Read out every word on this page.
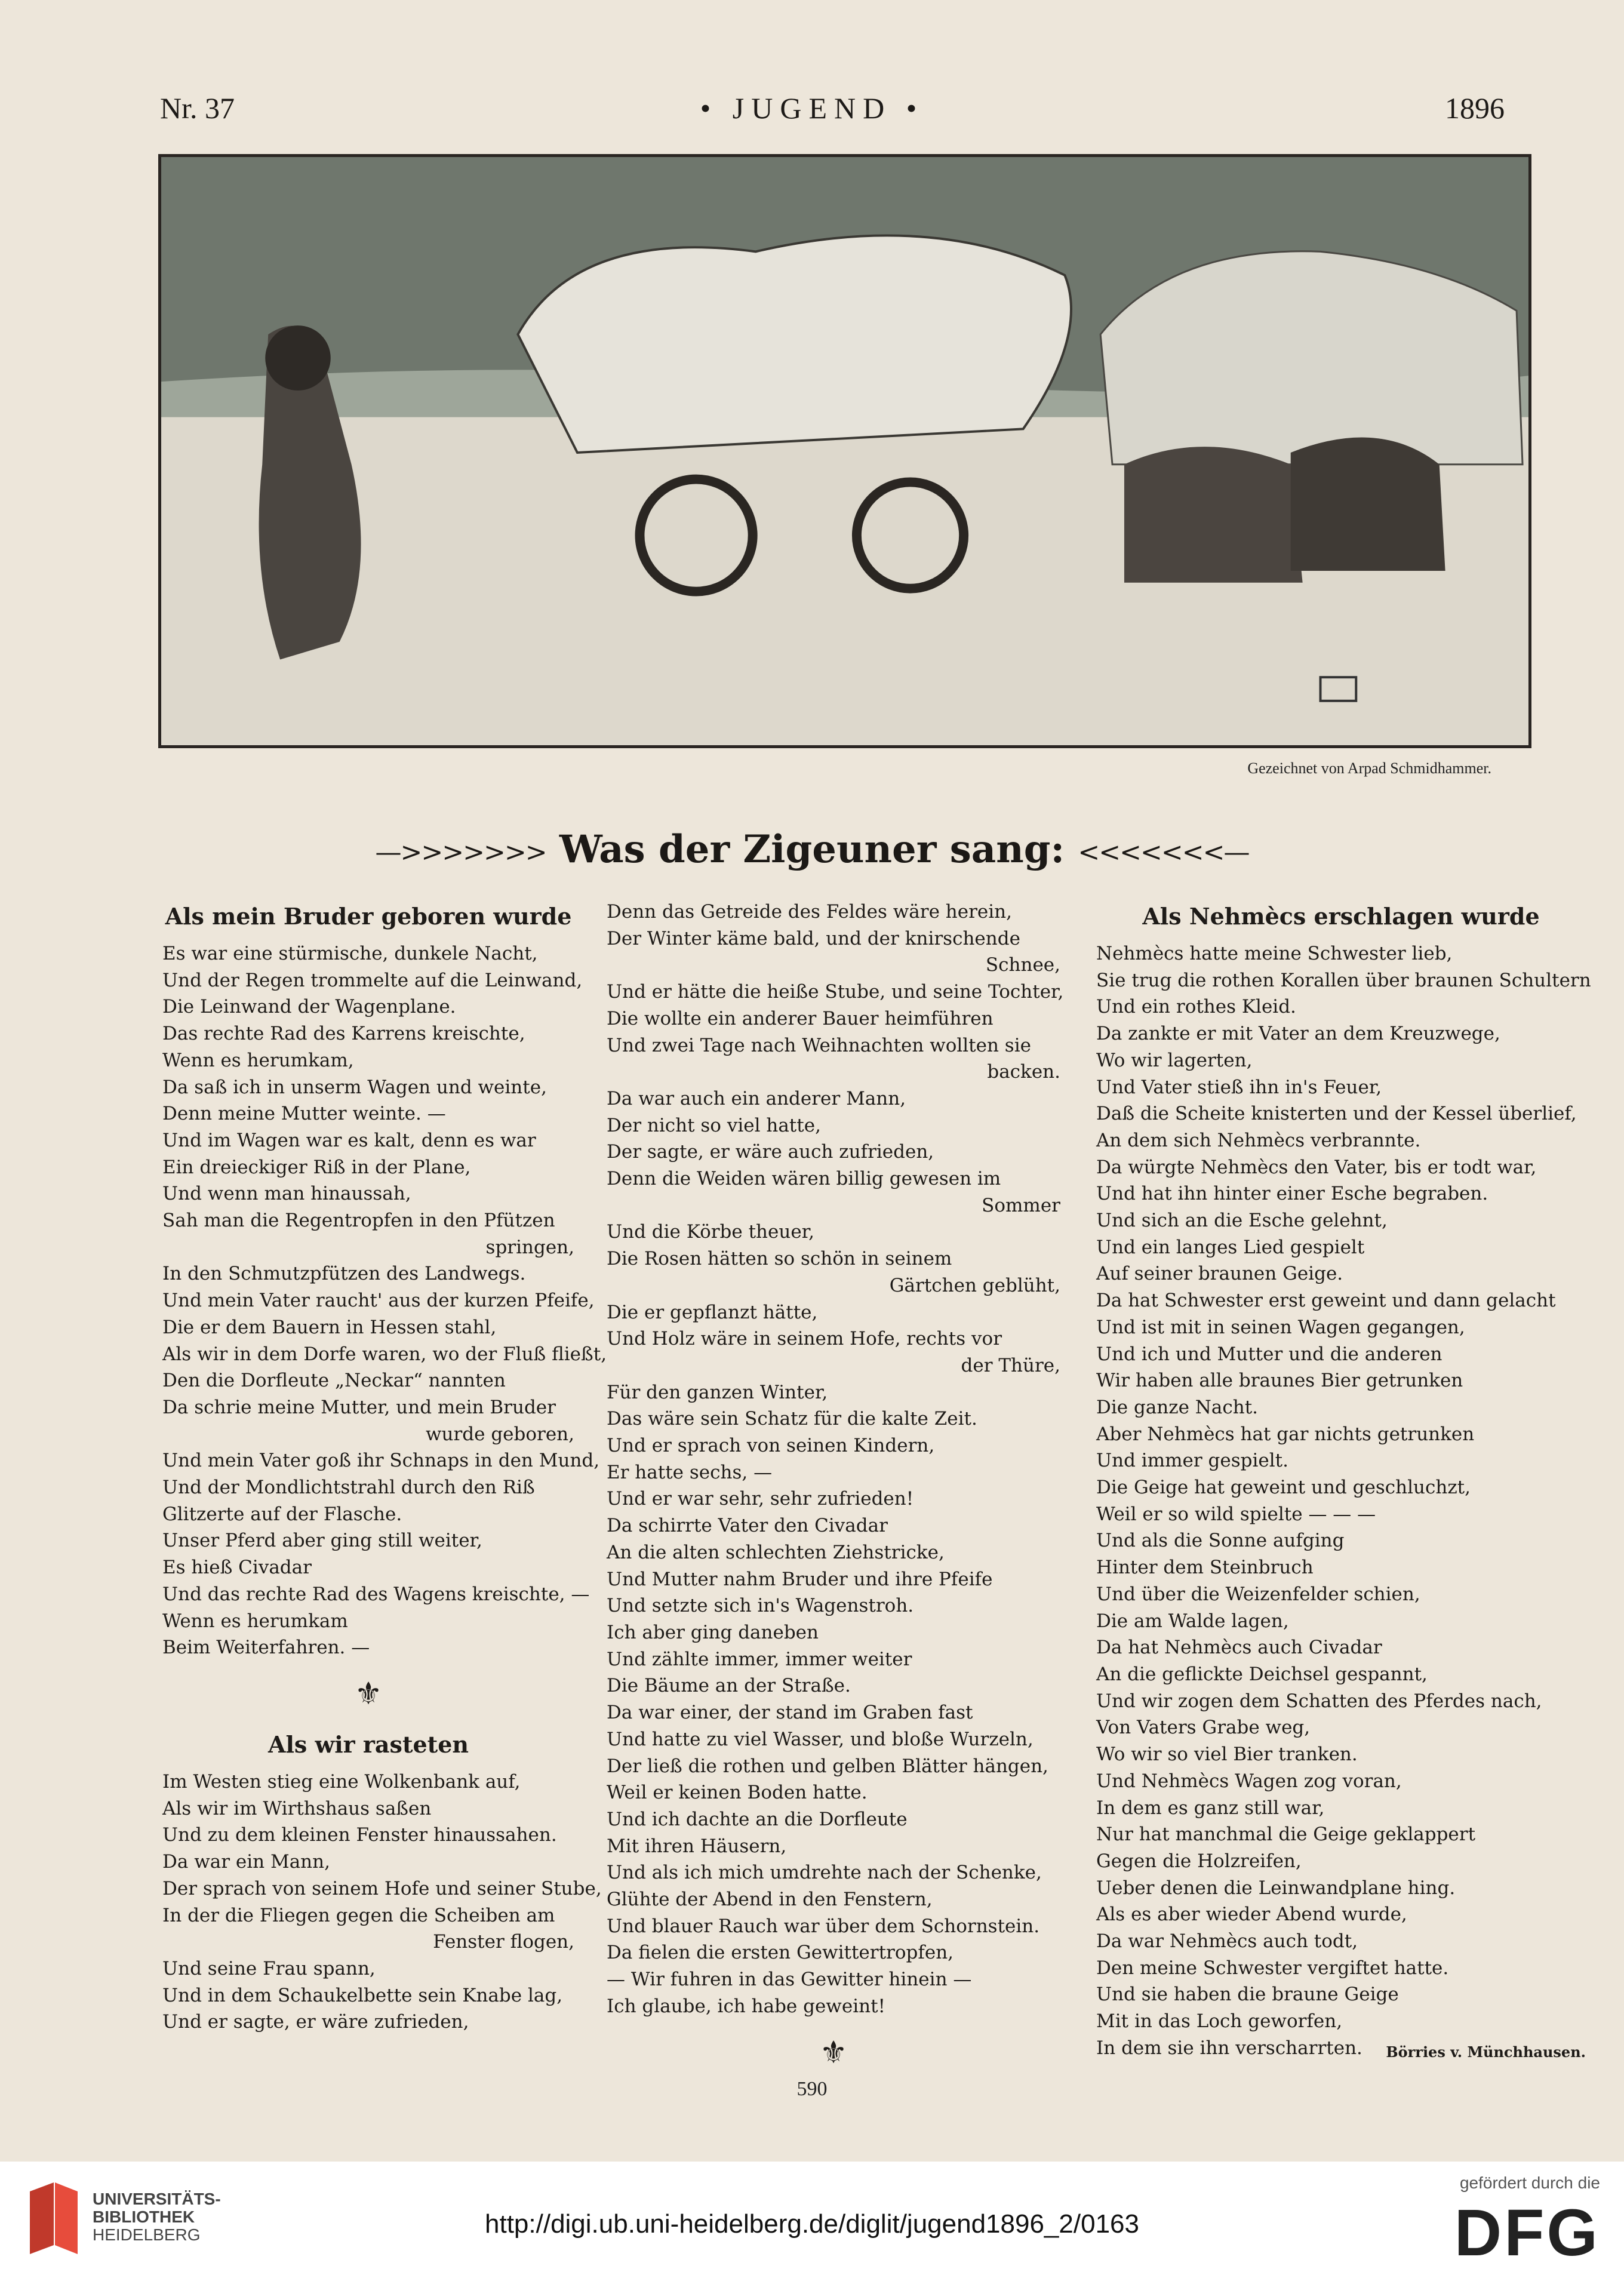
Nr. 37	• JUGEND •	1896
Gezeichnet von Arpad Schmidhammer.
—>>>>>>> Was der Zigeuner sang: <<<<<<<—
Als mein Bruder geboren wurde
Es war eine stürmische, dunkele Nacht,
Und der Regen trommelte auf die Leinwand,
Die Leinwand der Wagenplane.
Das rechte Rad des Karrens kreischte,
Wenn es herumkam,
Da saß ich in unserm Wagen und weinte,
Denn meine Mutter weinte. —
Und im Wagen war es kalt, denn es war
Ein dreieckiger Riß in der Plane,
Und wenn man hinaussah,
Sah man die Regentropfen in den Pfützen
springen,
In den Schmutzpfützen des Landwegs.
Und mein Vater raucht' aus der kurzen Pfeife,
Die er dem Bauern in Hessen stahl,
Als wir in dem Dorfe waren, wo der Fluß fließt,
Den die Dorfleute „Neckar“ nannten
Da schrie meine Mutter, und mein Bruder
wurde geboren,
Und mein Vater goß ihr Schnaps in den Mund,
Und der Mondlichtstrahl durch den Riß
Glitzerte auf der Flasche.
Unser Pferd aber ging still weiter,
Es hieß Civadar
Und das rechte Rad des Wagens kreischte, —
Wenn es herumkam
Beim Weiterfahren. —
⚜
Als wir rasteten
Im Westen stieg eine Wolkenbank auf,
Als wir im Wirthshaus saßen
Und zu dem kleinen Fenster hinaussahen.
Da war ein Mann,
Der sprach von seinem Hofe und seiner Stube,
In der die Fliegen gegen die Scheiben am
Fenster flogen,
Und seine Frau spann,
Und in dem Schaukelbette sein Knabe lag,
Und er sagte, er wäre zufrieden,
Denn das Getreide des Feldes wäre herein,
Der Winter käme bald, und der knirschende
Schnee,
Und er hätte die heiße Stube, und seine Tochter,
Die wollte ein anderer Bauer heimführen
Und zwei Tage nach Weihnachten wollten sie
backen.
Da war auch ein anderer Mann,
Der nicht so viel hatte,
Der sagte, er wäre auch zufrieden,
Denn die Weiden wären billig gewesen im
Sommer
Und die Körbe theuer,
Die Rosen hätten so schön in seinem
Gärtchen geblüht,
Die er gepflanzt hätte,
Und Holz wäre in seinem Hofe, rechts vor
der Thüre,
Für den ganzen Winter,
Das wäre sein Schatz für die kalte Zeit.
Und er sprach von seinen Kindern,
Er hatte sechs, —
Und er war sehr, sehr zufrieden!
Da schirrte Vater den Civadar
An die alten schlechten Ziehstricke,
Und Mutter nahm Bruder und ihre Pfeife
Und setzte sich in's Wagenstroh.
Ich aber ging daneben
Und zählte immer, immer weiter
Die Bäume an der Straße.
Da war einer, der stand im Graben fast
Und hatte zu viel Wasser, und bloße Wurzeln,
Der ließ die rothen und gelben Blätter hängen,
Weil er keinen Boden hatte.
Und ich dachte an die Dorfleute
Mit ihren Häusern,
Und als ich mich umdrehte nach der Schenke,
Glühte der Abend in den Fenstern,
Und blauer Rauch war über dem Schornstein.
Da fielen die ersten Gewittertropfen,
— Wir fuhren in das Gewitter hinein —
Ich glaube, ich habe geweint!
⚜
Als Nehmècs erschlagen wurde
Nehmècs hatte meine Schwester lieb,
Sie trug die rothen Korallen über braunen Schultern
Und ein rothes Kleid.
Da zankte er mit Vater an dem Kreuzwege,
Wo wir lagerten,
Und Vater stieß ihn in's Feuer,
Daß die Scheite knisterten und der Kessel überlief,
An dem sich Nehmècs verbrannte.
Da würgte Nehmècs den Vater, bis er todt war,
Und hat ihn hinter einer Esche begraben.
Und sich an die Esche gelehnt,
Und ein langes Lied gespielt
Auf seiner braunen Geige.
Da hat Schwester erst geweint und dann gelacht
Und ist mit in seinen Wagen gegangen,
Und ich und Mutter und die anderen
Wir haben alle braunes Bier getrunken
Die ganze Nacht.
Aber Nehmècs hat gar nichts getrunken
Und immer gespielt.
Die Geige hat geweint und geschluchzt,
Weil er so wild spielte — — —
Und als die Sonne aufging
Hinter dem Steinbruch
Und über die Weizenfelder schien,
Die am Walde lagen,
Da hat Nehmècs auch Civadar
An die geflickte Deichsel gespannt,
Und wir zogen dem Schatten des Pferdes nach,
Von Vaters Grabe weg,
Wo wir so viel Bier tranken.
Und Nehmècs Wagen zog voran,
In dem es ganz still war,
Nur hat manchmal die Geige geklappert
Gegen die Holzreifen,
Ueber denen die Leinwandplane hing.
Als es aber wieder Abend wurde,
Da war Nehmècs auch todt,
Den meine Schwester vergiftet hatte.
Und sie haben die braune Geige
Mit in das Loch geworfen,
In dem sie ihn verscharrten.	Börries v. Münchhausen.
590
UNIVERSITÄTS-
BIBLIOTHEK
HEIDELBERG	http://digi.ub.uni-heidelberg.de/diglit/jugend1896_2/0163
gefördert durch die
DFG
